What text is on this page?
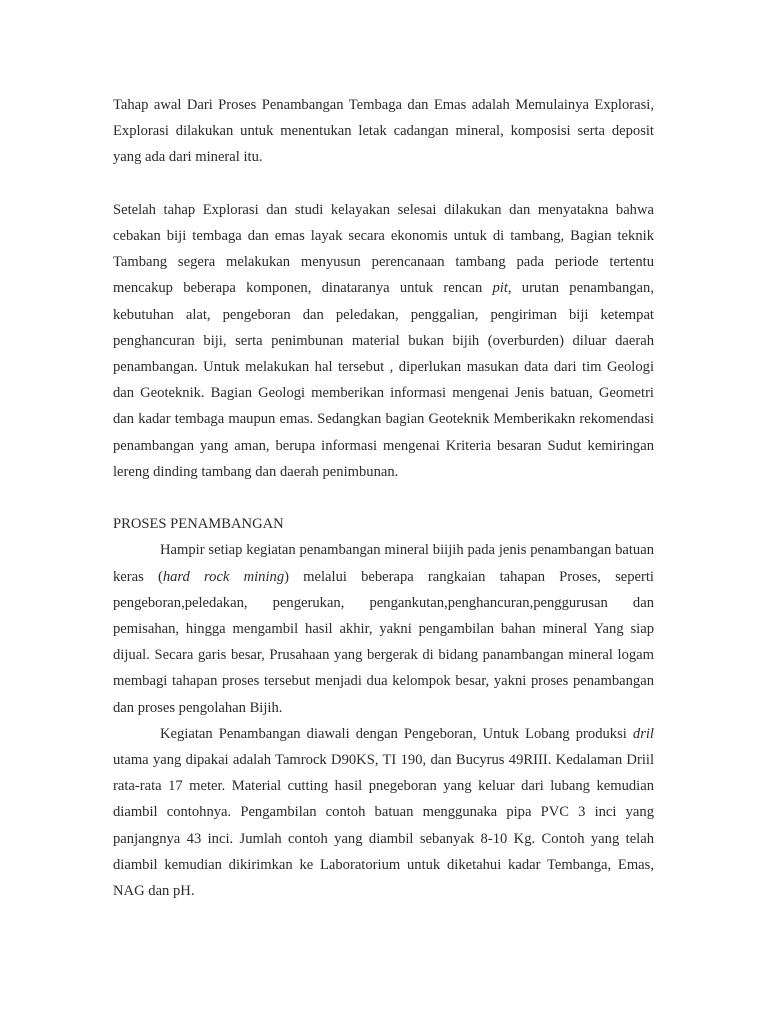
Tahap awal Dari Proses Penambangan Tembaga dan Emas adalah Memulainya Explorasi, Explorasi dilakukan untuk menentukan letak cadangan mineral, komposisi serta deposit yang ada dari mineral itu.

Setelah tahap Explorasi dan studi kelayakan selesai dilakukan dan menyatakna bahwa cebakan biji tembaga dan emas layak secara ekonomis untuk di tambang, Bagian teknik Tambang segera melakukan menyusun perencanaan tambang pada periode tertentu mencakup beberapa komponen, dinataranya untuk rencan pit, urutan penambangan, kebutuhan alat, pengeboran dan peledakan, penggalian, pengiriman biji ketempat penghancuran biji, serta penimbunan material bukan bijih (overburden) diluar daerah penambangan. Untuk melakukan hal tersebut , diperlukan masukan data dari tim Geologi dan Geoteknik. Bagian Geologi memberikan informasi mengenai Jenis batuan, Geometri dan kadar tembaga maupun emas. Sedangkan bagian Geoteknik Memberikakn rekomendasi penambangan yang aman, berupa informasi mengenai Kriteria besaran Sudut kemiringan lereng dinding tambang dan daerah penimbunan.

PROSES PENAMBANGAN

Hampir setiap kegiatan penambangan mineral biijih pada jenis penambangan batuan keras (hard rock mining) melalui beberapa rangkaian tahapan Proses, seperti pengeboran,peledakan, pengerukan, pengankutan,penghancuran,penggurusan dan pemisahan, hingga mengambil hasil akhir, yakni pengambilan bahan mineral Yang siap dijual. Secara garis besar, Prusahaan yang bergerak di bidang panambangan mineral logam membagi tahapan proses tersebut menjadi dua kelompok besar, yakni proses penambangan dan proses pengolahan Bijih.

Kegiatan Penambangan diawali dengan Pengeboran, Untuk Lobang produksi dril utama yang dipakai adalah Tamrock D90KS, TI 190, dan Bucyrus 49RIII. Kedalaman Driil rata-rata 17 meter. Material cutting hasil pnegeboran yang keluar dari lubang kemudian diambil contohnya. Pengambilan contoh batuan menggunaka pipa PVC 3 inci yang panjangnya 43 inci. Jumlah contoh yang diambil sebanyak 8-10 Kg. Contoh yang telah diambil kemudian dikirimkan ke Laboratorium untuk diketahui kadar Tembanga, Emas, NAG dan pH.
